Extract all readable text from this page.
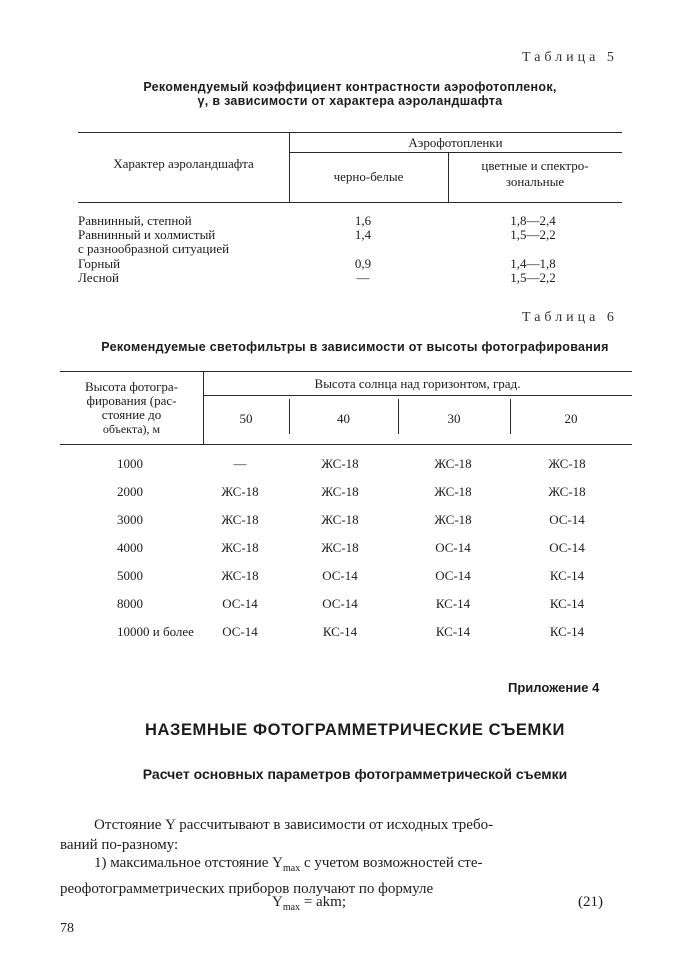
Таблица 5
Рекомендуемый коэффициент контрастности аэрофотопленок,
γ, в зависимости от характера аэроландшафта
Характер аэроландшафта
Аэрофотопленки
черно-белые
цветные и спектро-
зональные
Равнинный, степной	1,6	1,8—2,4
Равнинный и холмистый	1,4	1,5—2,2
с разнообразной ситуацией
Горный	0,9	1,4—1,8
Лесной	—	1,5—2,2
Таблица 6
Рекомендуемые светофильтры в зависимости от высоты фотографирования
Высота фотогра-
фирования (рас-
стояние до
объекта), м
Высота солнца над горизонтом, град.
50	40	30	20
1000	—	ЖС-18	ЖС-18	ЖС-18
2000	ЖС-18	ЖС-18	ЖС-18	ЖС-18
3000	ЖС-18	ЖС-18	ЖС-18	ОС-14
4000	ЖС-18	ЖС-18	ОС-14	ОС-14
5000	ЖС-18	ОС-14	ОС-14	КС-14
8000	ОС-14	ОС-14	КС-14	КС-14
10000 и более	ОС-14	КС-14	КС-14	КС-14
Приложение 4
НАЗЕМНЫЕ ФОТОГРАММЕТРИЧЕСКИЕ СЪЕМКИ
Расчет основных параметров фотограмметрической съемки
Отстояние Y рассчитывают в зависимости от исходных требо-
ваний по-разному:
1) максимальное отстояние $Y_{max}$ с учетом возможностей сте-
реофотограмметрических приборов получают по формуле
$Y_{max}$ = akm;	(21)
78
